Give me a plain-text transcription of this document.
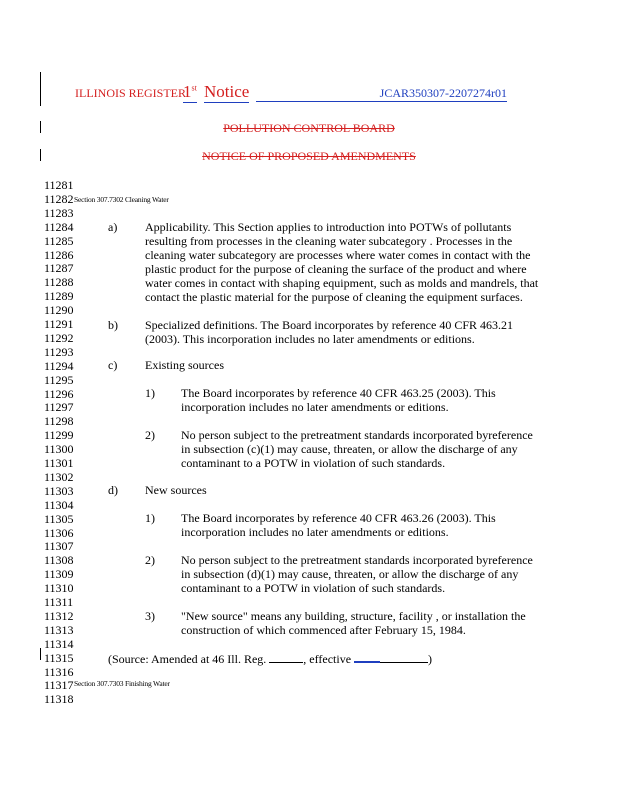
ILLINOIS REGISTER
1st Notice	JCAR350307-2207274r01
POLLUTION CONTROL BOARD
NOTICE OF PROPOSED AMENDMENTS
11281
11282
11283
11284
11285
11286
11287
11288
11289
11290
11291
11292
11293
11294
11295
11296
11297
11298
11299
11300
11301
11302
11303
11304
11305
11306
11307
11308
11309
11310
11311
11312
11313
11314
11315
11316
11317
11318
Section 307.7302 Cleaning Water
a) Applicability. This Section applies to introduction into POTWs of pollutants
resulting from processes in the cleaning water subcategory . Processes in the
cleaning water subcategory are processes where water comes in contact with the
plastic product for the purpose of cleaning the surface of the product and where
water comes in contact with shaping equipment, such as molds and mandrels, that
contact the plastic material for the purpose of cleaning the equipment surfaces.
b) Specialized definitions. The Board incorporates by reference 40 CFR 463.21
(2003). This incorporation includes no later amendments or editions.
c) Existing sources
1) The Board incorporates by reference 40 CFR 463.25 (2003). This
incorporation includes no later amendments or editions.
2) No person subject to the pretreatment standards incorporated byreference
in subsection (c)(1) may cause, threaten, or allow the discharge of any
contaminant to a POTW in violation of such standards.
d) New sources
1) The Board incorporates by reference 40 CFR 463.26 (2003). This
incorporation includes no later amendments or editions.
2) No person subject to the pretreatment standards incorporated byreference
in subsection (d)(1) may cause, threaten, or allow the discharge of any
contaminant to a POTW in violation of such standards.
3) "New source" means any building, structure, facility , or installation the
construction of which commenced after February 15, 1984.
(Source: Amended at 46 Ill. Reg.	, effective	)
Section 307.7303 Finishing Water
